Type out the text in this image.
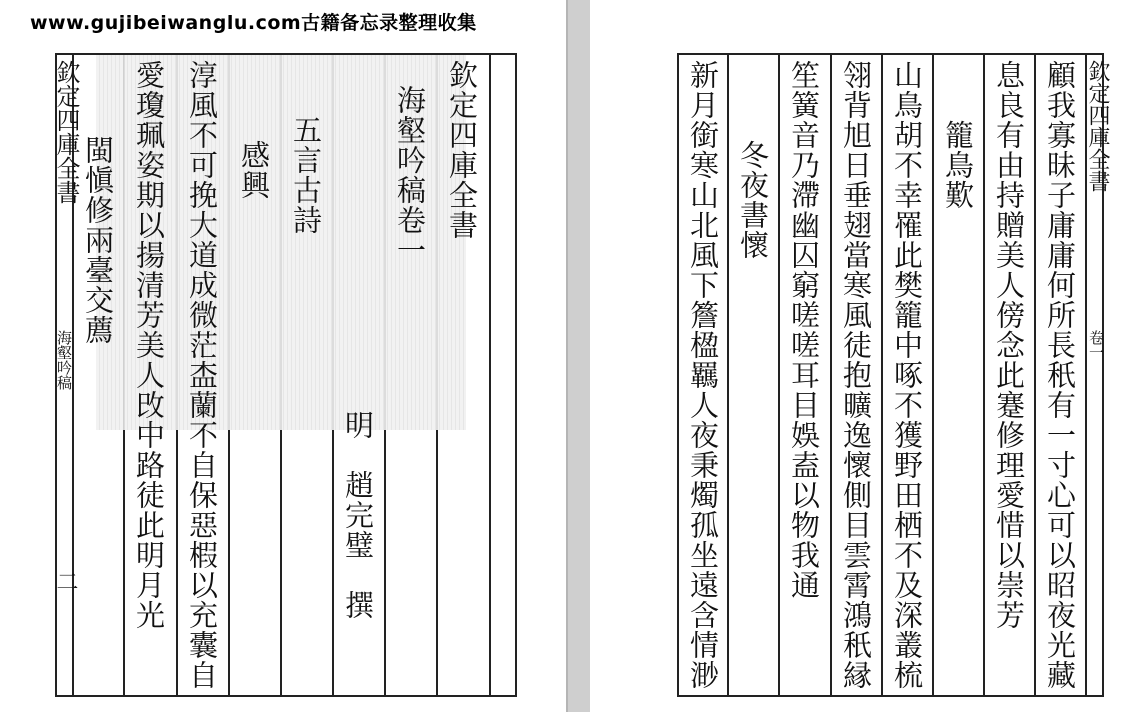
www.gujibeiwanglu.com古籍备忘录整理收集
欽定四庫全書
海壑吟稿
二
欽定四庫全書
海壑吟稿卷一
明　趙完璧　撰
五言古詩
感興
淳風不可挽大道成微茫㭗蘭不自保惡椵以充囊自
愛瓊珮姿期以揚清芳美人攺中路徒此明月光
閩愼修兩臺交薦
欽定四庫全書
卷一
顧我寡昧子庸庸何所長秖有一寸心可以昭夜光藏
息良有由持贈美人傍念此蹇修理愛惜以崇芳
籠鳥歎
山鳥胡不幸罹此樊籠中啄不獲野田栖不及深叢梳
翎背旭日垂翅當寒風徒抱曠逸懷側目雲霄鴻秖縁
笙簧音乃滯幽囚窮嗟嗟耳目娛盍以物我通
冬夜書懷
新月銜寒山北風下簷楹羈人夜秉燭孤坐遠含情渺
